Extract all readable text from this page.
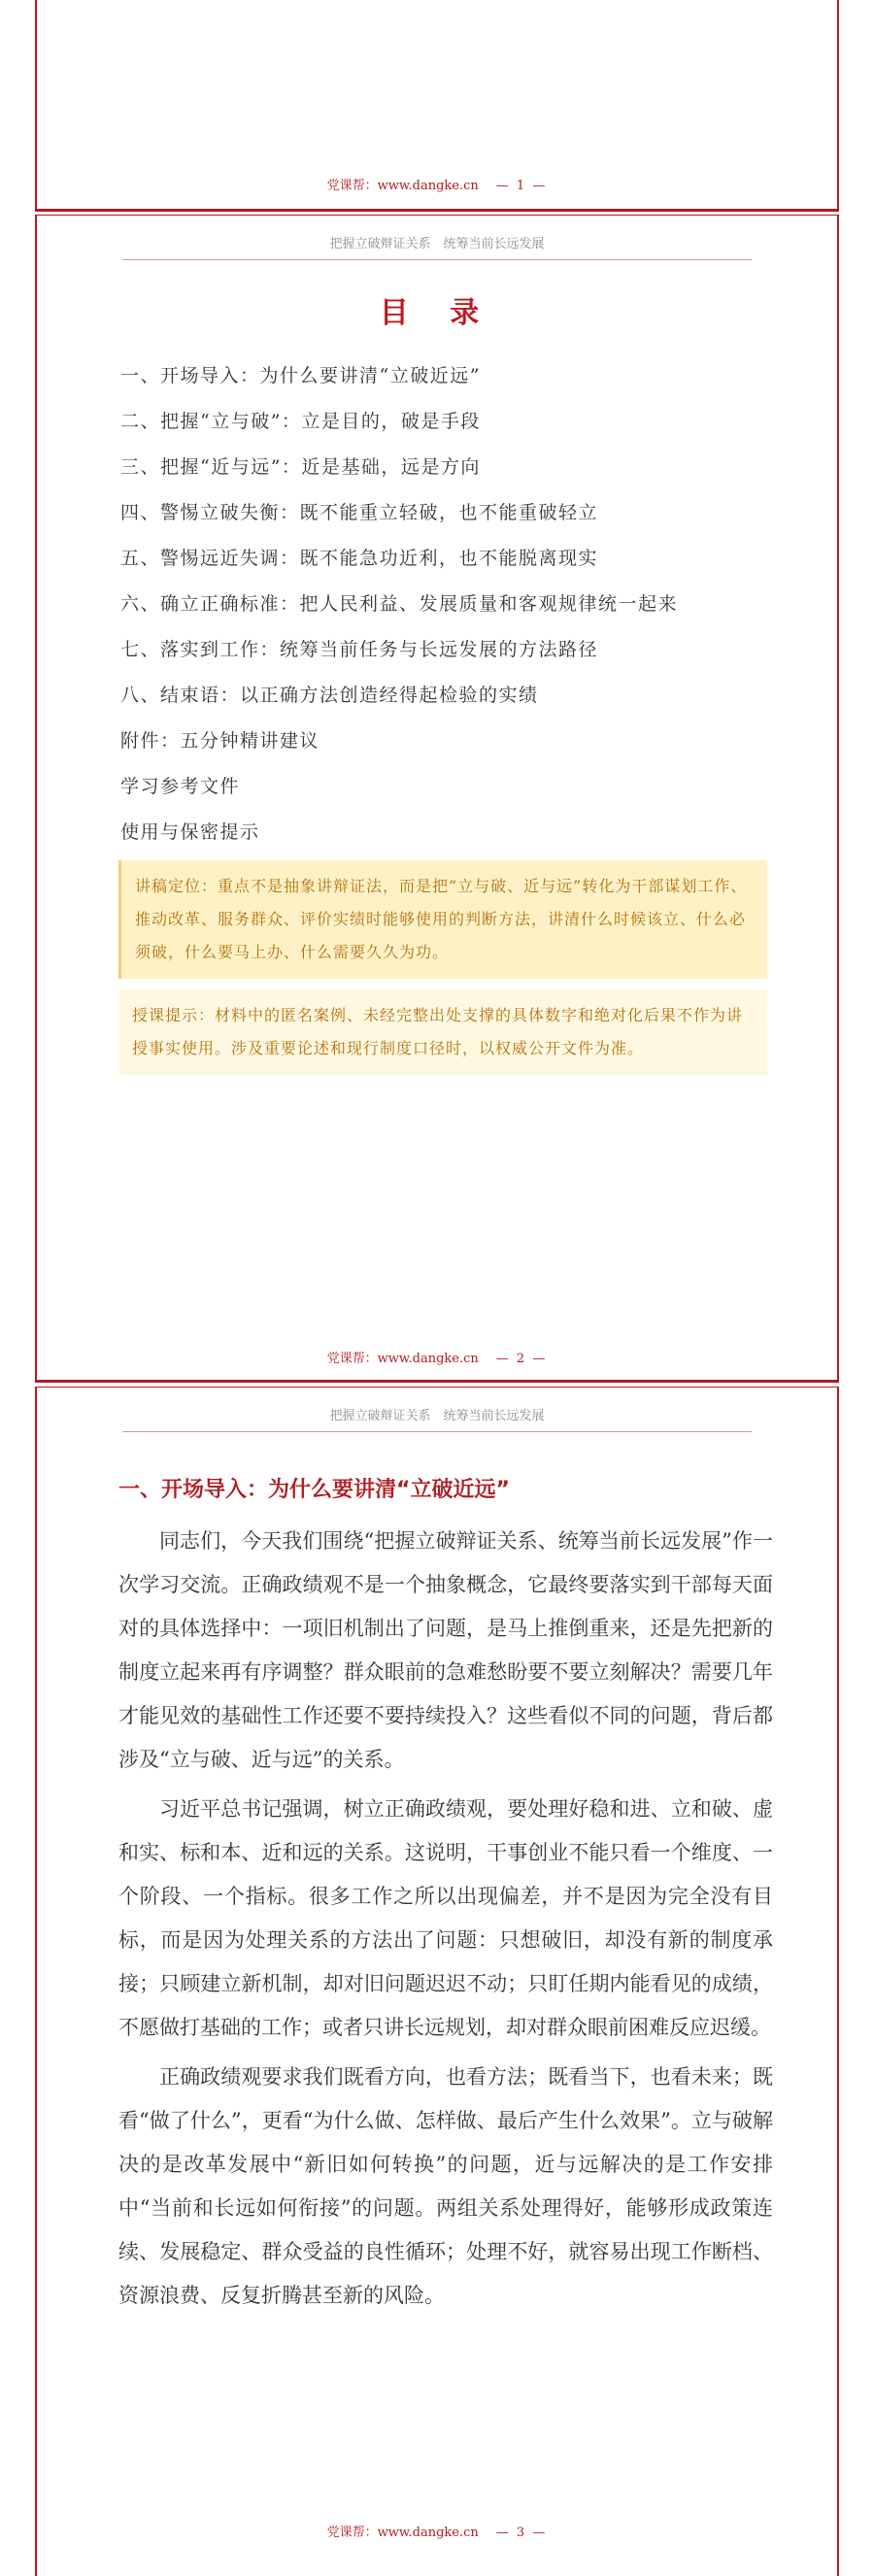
党课帮：www.dangke.cn — 1 —
把握立破辩证关系　统筹当前长远发展
目 录
一、开场导入：为什么要讲清“立破近远”
二、把握“立与破”：立是目的，破是手段
三、把握“近与远”：近是基础，远是方向
四、警惕立破失衡：既不能重立轻破，也不能重破轻立
五、警惕远近失调：既不能急功近利，也不能脱离现实
六、确立正确标准：把人民利益、发展质量和客观规律统一起来
七、落实到工作：统筹当前任务与长远发展的方法路径
八、结束语：以正确方法创造经得起检验的实绩
附件：五分钟精讲建议
学习参考文件
使用与保密提示
讲稿定位：重点不是抽象讲辩证法，而是把“立与破、近与远”转化为干部谋划工作、推动改革、服务群众、评价实绩时能够使用的判断方法，讲清什么时候该立、什么必须破，什么要马上办、什么需要久久为功。
授课提示：材料中的匿名案例、未经完整出处支撑的具体数字和绝对化后果不作为讲授事实使用。涉及重要论述和现行制度口径时，以权威公开文件为准。
党课帮：www.dangke.cn — 2 —
把握立破辩证关系　统筹当前长远发展
一、开场导入：为什么要讲清“立破近远”

同志们，今天我们围绕“把握立破辩证关系、统筹当前长远发展”作一次学习交流。正确政绩观不是一个抽象概念，它最终要落实到干部每天面对的具体选择中：一项旧机制出了问题，是马上推倒重来，还是先把新的制度立起来再有序调整？群众眼前的急难愁盼要不要立刻解决？需要几年才能见效的基础性工作还要不要持续投入？这些看似不同的问题，背后都涉及“立与破、近与远”的关系。

习近平总书记强调，树立正确政绩观，要处理好稳和进、立和破、虚和实、标和本、近和远的关系。这说明，干事创业不能只看一个维度、一个阶段、一个指标。很多工作之所以出现偏差，并不是因为完全没有目标，而是因为处理关系的方法出了问题：只想破旧，却没有新的制度承接；只顾建立新机制，却对旧问题迟迟不动；只盯任期内能看见的成绩，不愿做打基础的工作；或者只讲长远规划，却对群众眼前困难反应迟缓。

正确政绩观要求我们既看方向，也看方法；既看当下，也看未来；既看“做了什么”，更看“为什么做、怎样做、最后产生什么效果”。立与破解决的是改革发展中“新旧如何转换”的问题，近与远解决的是工作安排中“当前和长远如何衔接”的问题。两组关系处理得好，能够形成政策连续、发展稳定、群众受益的良性循环；处理不好，就容易出现工作断档、资源浪费、反复折腾甚至新的风险。

党课帮：www.dangke.cn — 3 —
